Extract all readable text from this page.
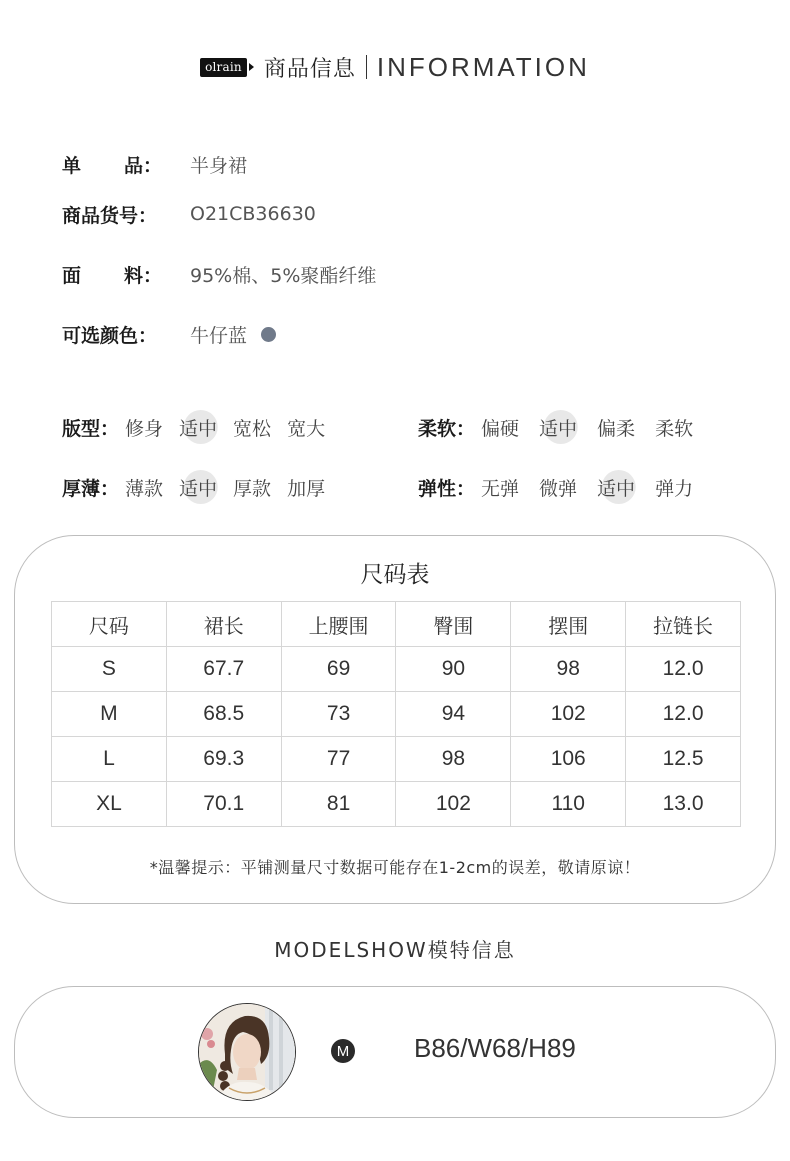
olrain 商品信息 INFORMATION
单 品： 半身裙
商品货号：	O21CB36630
面 料： 95%棉、5%聚酯纤维
可选颜色：	牛仔蓝
版型： 修身 适中 宽松 宽大	柔软： 偏硬 适中 偏柔 柔软
厚薄： 薄款 适中 厚款 加厚	弹性： 无弹 微弹 适中 弹力
尺码表
尺码	裙长	上腰围	臀围	摆围	拉链长
S	67.7	69	90	98	12.0
M	68.5	73	94	102	12.0
L	69.3	77	98	106	12.5
XL	70.1	81	102	110	13.0
*温馨提示：平铺测量尺寸数据可能存在1-2cm的误差，敬请原谅！
MODELSHOW模特信息
M B86/W68/H89
